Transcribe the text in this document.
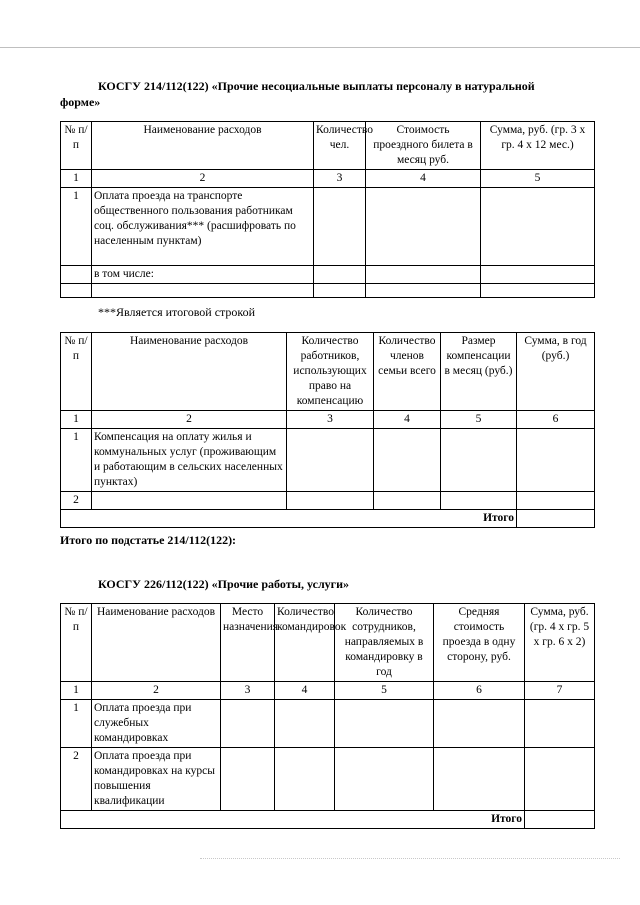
КОСГУ 214/112(122) «Прочие несоциальные выплаты персоналу в натуральной
форме»
№ п/п	Наименование расходов	Количество чел.	Стоимость проездного билета в месяц руб.	Сумма, руб. (гр. 3 х гр. 4 х 12 мес.)
1	2	3	4	5
1	Оплата проезда на транспорте общественного пользования работникам соц. обслуживания*** (расшифровать по населенным пунктам)			
	в том числе:			

***Является итоговой строкой
№ п/п	Наименование расходов	Количество работников, использующих право на компенсацию	Количество членов семьи всего	Размер компенсации в месяц (руб.)	Сумма, в год (руб.)
1	2	3	4	5	6
1	Компенсация на оплату жилья и коммунальных услуг (проживающим и работающим в сельских населенных пунктах)				
2					
Итого					
Итого по подстатье 214/112(122):
КОСГУ 226/112(122) «Прочие работы, услуги»
№ п/п	Наименование расходов	Место назначения	Количество командировок	Количество сотрудников, направляемых в командировку в год	Средняя стоимость проезда в одну сторону, руб.	Сумма, руб. (гр. 4 х гр. 5 х гр. 6 х 2)
1	2	3	4	5	6	7
1	Оплата проезда при служебных командировках					
2	Оплата проезда при командировках на курсы повышения квалификации					
Итого						
